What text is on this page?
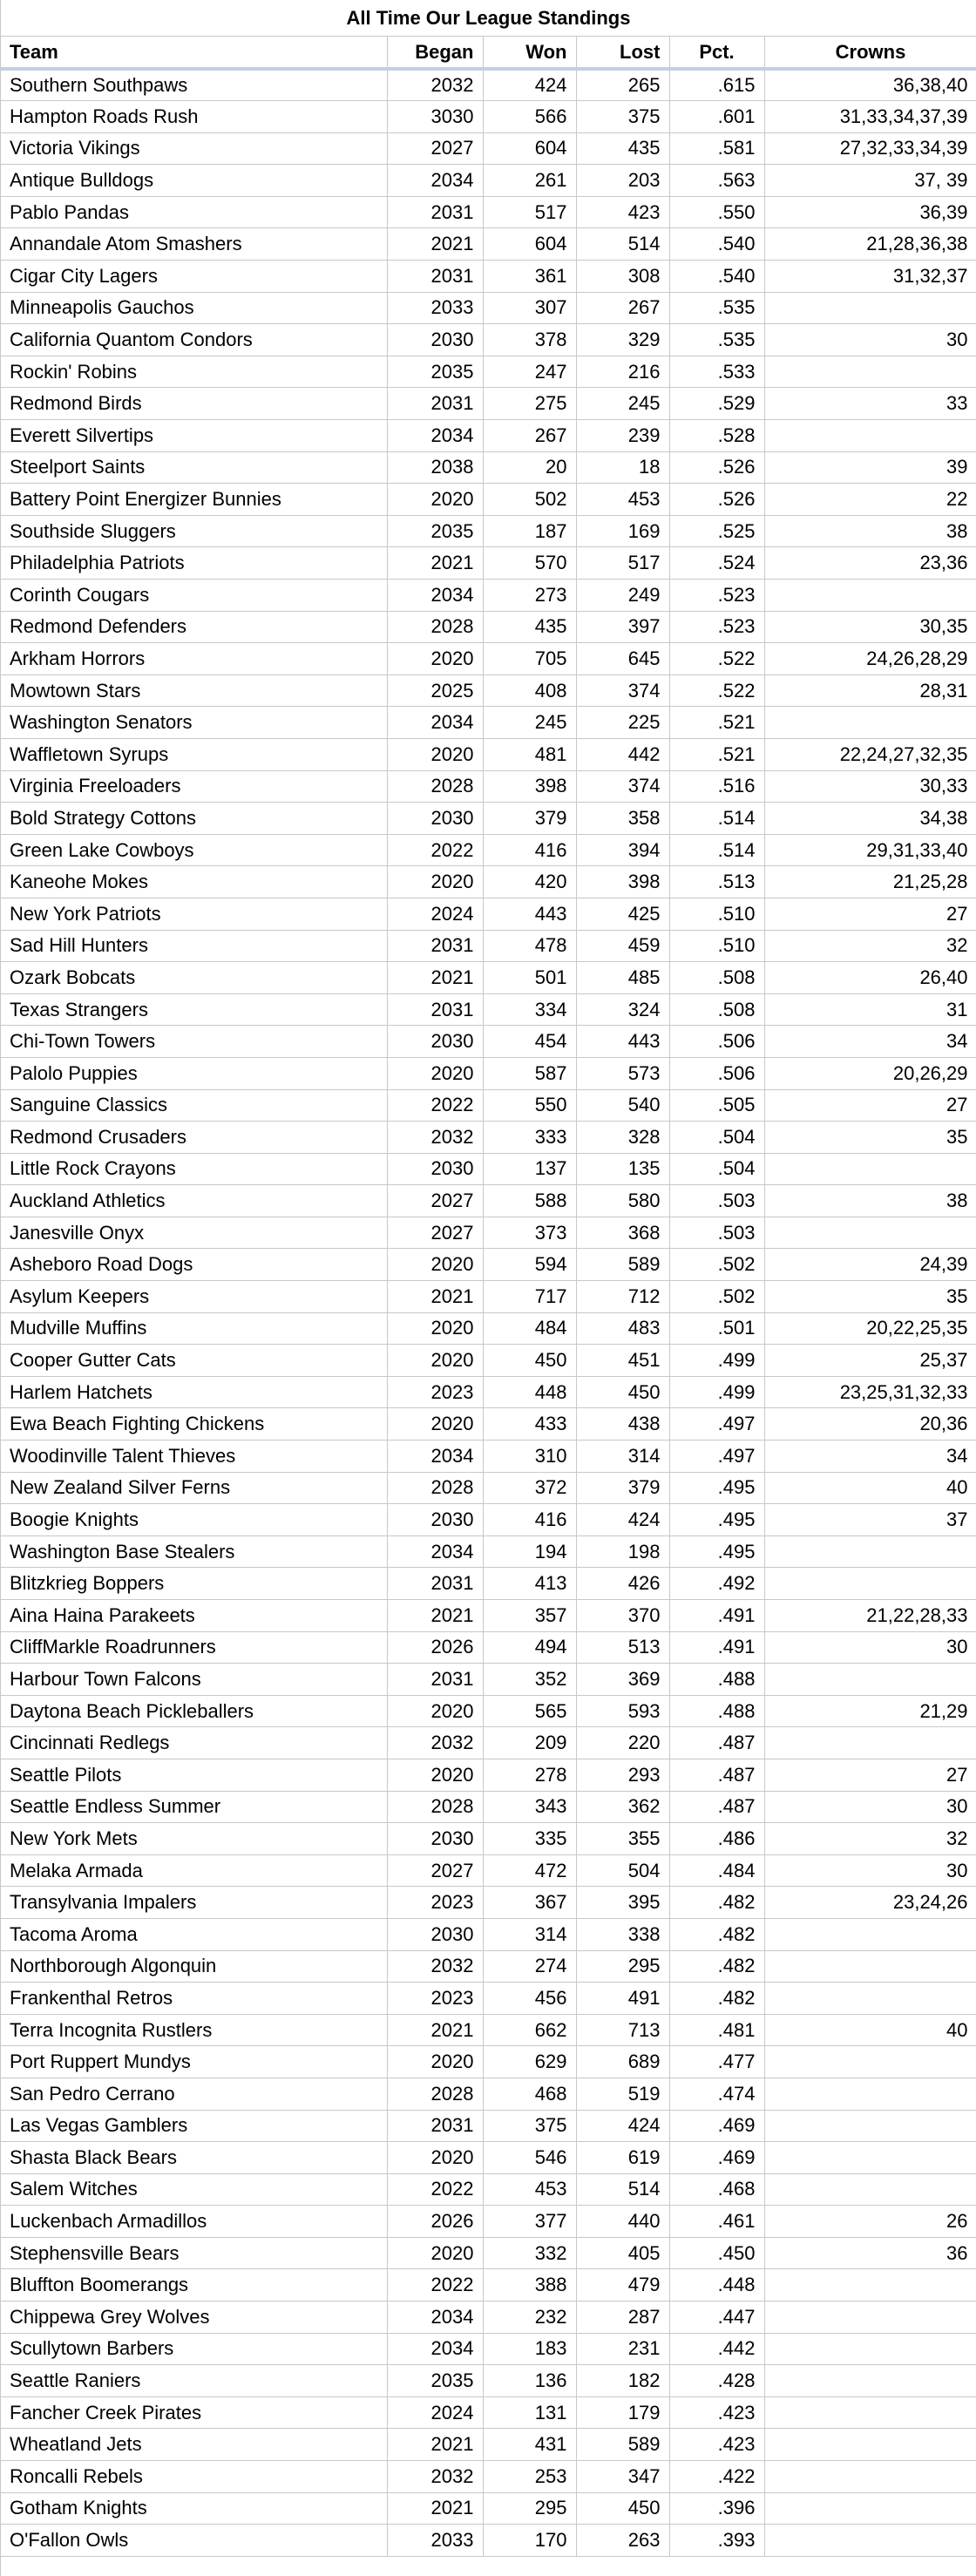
All Time Our League Standings
Team	Began	Won	Lost	Pct.	Crowns
Southern Southpaws	2032	424	265	.615	36,38,40
Hampton Roads Rush	3030	566	375	.601	31,33,34,37,39
Victoria Vikings	2027	604	435	.581	27,32,33,34,39
Antique Bulldogs	2034	261	203	.563	37, 39
Pablo Pandas	2031	517	423	.550	36,39
Annandale Atom Smashers	2021	604	514	.540	21,28,36,38
Cigar City Lagers	2031	361	308	.540	31,32,37
Minneapolis Gauchos	2033	307	267	.535	
California Quantom Condors	2030	378	329	.535	30
Rockin' Robins	2035	247	216	.533	
Redmond Birds	2031	275	245	.529	33
Everett Silvertips	2034	267	239	.528	
Steelport Saints	2038	20	18	.526	39
Battery Point Energizer Bunnies	2020	502	453	.526	22
Southside Sluggers	2035	187	169	.525	38
Philadelphia Patriots	2021	570	517	.524	23,36
Corinth Cougars	2034	273	249	.523	
Redmond Defenders	2028	435	397	.523	30,35
Arkham Horrors	2020	705	645	.522	24,26,28,29
Mowtown Stars	2025	408	374	.522	28,31
Washington Senators	2034	245	225	.521	
Waffletown Syrups	2020	481	442	.521	22,24,27,32,35
Virginia Freeloaders	2028	398	374	.516	30,33
Bold Strategy Cottons	2030	379	358	.514	34,38
Green Lake Cowboys	2022	416	394	.514	29,31,33,40
Kaneohe Mokes	2020	420	398	.513	21,25,28
New York Patriots	2024	443	425	.510	27
Sad Hill Hunters	2031	478	459	.510	32
Ozark Bobcats	2021	501	485	.508	26,40
Texas Strangers	2031	334	324	.508	31
Chi-Town Towers	2030	454	443	.506	34
Palolo Puppies	2020	587	573	.506	20,26,29
Sanguine Classics	2022	550	540	.505	27
Redmond Crusaders	2032	333	328	.504	35
Little Rock Crayons	2030	137	135	.504	
Auckland Athletics	2027	588	580	.503	38
Janesville Onyx	2027	373	368	.503	
Asheboro Road Dogs	2020	594	589	.502	24,39
Asylum Keepers	2021	717	712	.502	35
Mudville Muffins	2020	484	483	.501	20,22,25,35
Cooper Gutter Cats	2020	450	451	.499	25,37
Harlem Hatchets	2023	448	450	.499	23,25,31,32,33
Ewa Beach Fighting Chickens	2020	433	438	.497	20,36
Woodinville Talent Thieves	2034	310	314	.497	34
New Zealand Silver Ferns	2028	372	379	.495	40
Boogie Knights	2030	416	424	.495	37
Washington Base Stealers	2034	194	198	.495	
Blitzkrieg Boppers	2031	413	426	.492	
Aina Haina Parakeets	2021	357	370	.491	21,22,28,33
CliffMarkle Roadrunners	2026	494	513	.491	30
Harbour Town Falcons	2031	352	369	.488	
Daytona Beach Pickleballers	2020	565	593	.488	21,29
Cincinnati Redlegs	2032	209	220	.487	
Seattle Pilots	2020	278	293	.487	27
Seattle Endless Summer	2028	343	362	.487	30
New York Mets	2030	335	355	.486	32
Melaka Armada	2027	472	504	.484	30
Transylvania Impalers	2023	367	395	.482	23,24,26
Tacoma Aroma	2030	314	338	.482	
Northborough Algonquin	2032	274	295	.482	
Frankenthal Retros	2023	456	491	.482	
Terra Incognita Rustlers	2021	662	713	.481	40
Port Ruppert Mundys	2020	629	689	.477	
San Pedro Cerrano	2028	468	519	.474	
Las Vegas Gamblers	2031	375	424	.469	
Shasta Black Bears	2020	546	619	.469	
Salem Witches	2022	453	514	.468	
Luckenbach Armadillos	2026	377	440	.461	26
Stephensville Bears	2020	332	405	.450	36
Bluffton Boomerangs	2022	388	479	.448	
Chippewa Grey Wolves	2034	232	287	.447	
Scullytown Barbers	2034	183	231	.442	
Seattle Raniers	2035	136	182	.428	
Fancher Creek Pirates	2024	131	179	.423	
Wheatland Jets	2021	431	589	.423	
Roncalli Rebels	2032	253	347	.422	
Gotham Knights	2021	295	450	.396	
O'Fallon Owls	2033	170	263	.393	
